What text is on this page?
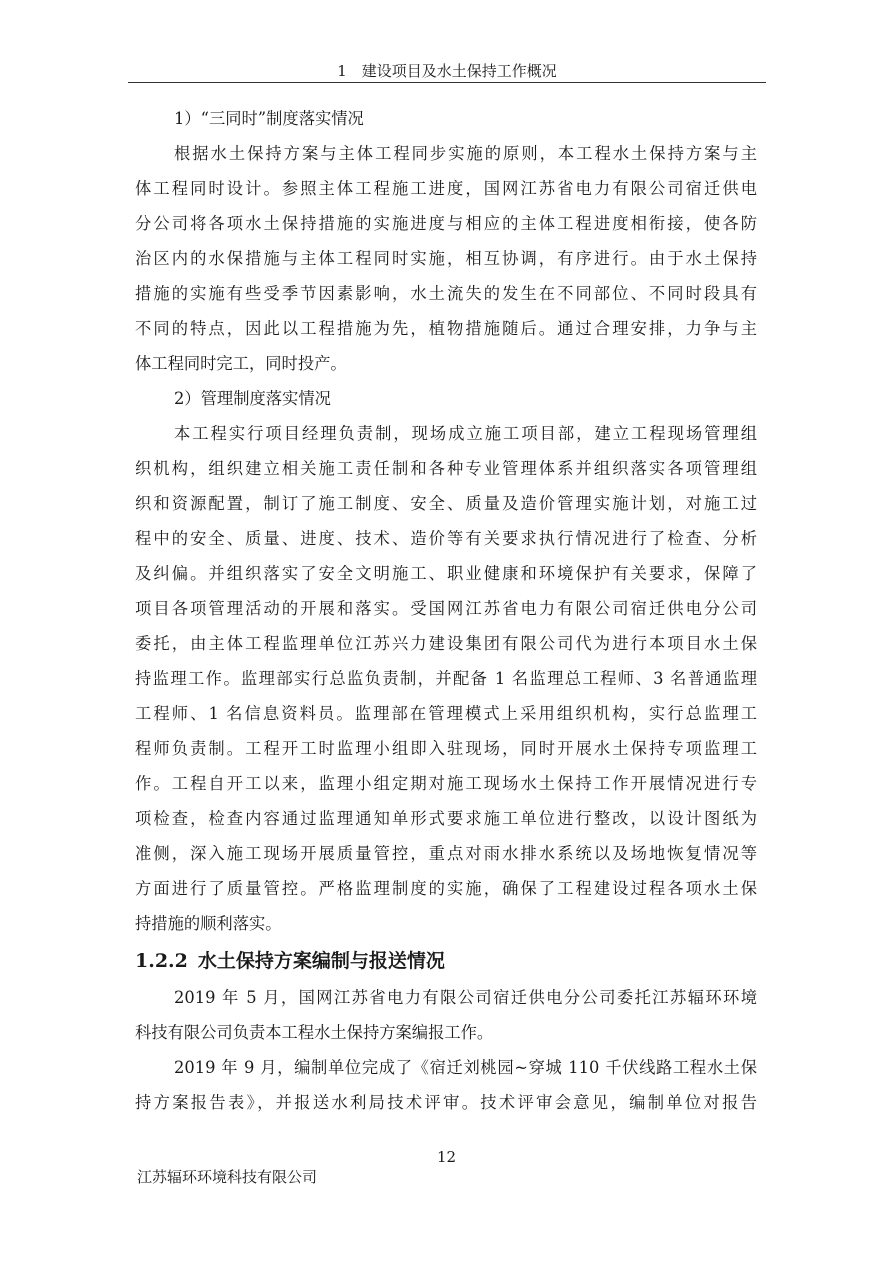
1　建设项目及水土保持工作概况
1）“三同时”制度落实情况
根据水土保持方案与主体工程同步实施的原则，本工程水土保持方案与主
体工程同时设计。参照主体工程施工进度，国网江苏省电力有限公司宿迁供电
分公司将各项水土保持措施的实施进度与相应的主体工程进度相衔接，使各防
治区内的水保措施与主体工程同时实施，相互协调，有序进行。由于水土保持
措施的实施有些受季节因素影响，水土流失的发生在不同部位、不同时段具有
不同的特点，因此以工程措施为先，植物措施随后。通过合理安排，力争与主
体工程同时完工，同时投产。
2）管理制度落实情况
本工程实行项目经理负责制，现场成立施工项目部，建立工程现场管理组
织机构，组织建立相关施工责任制和各种专业管理体系并组织落实各项管理组
织和资源配置，制订了施工制度、安全、质量及造价管理实施计划，对施工过
程中的安全、质量、进度、技术、造价等有关要求执行情况进行了检查、分析
及纠偏。并组织落实了安全文明施工、职业健康和环境保护有关要求，保障了
项目各项管理活动的开展和落实。受国网江苏省电力有限公司宿迁供电分公司
委托，由主体工程监理单位江苏兴力建设集团有限公司代为进行本项目水土保
持监理工作。监理部实行总监负责制，并配备 1 名监理总工程师、3 名普通监理
工程师、1 名信息资料员。监理部在管理模式上采用组织机构，实行总监理工
程师负责制。工程开工时监理小组即入驻现场，同时开展水土保持专项监理工
作。工程自开工以来，监理小组定期对施工现场水土保持工作开展情况进行专
项检查，检查内容通过监理通知单形式要求施工单位进行整改，以设计图纸为
准侧，深入施工现场开展质量管控，重点对雨水排水系统以及场地恢复情况等
方面进行了质量管控。严格监理制度的实施，确保了工程建设过程各项水土保
持措施的顺利落实。
1.2.2 水土保持方案编制与报送情况
2019 年 5 月，国网江苏省电力有限公司宿迁供电分公司委托江苏辐环环境
科技有限公司负责本工程水土保持方案编报工作。
2019 年 9 月，编制单位完成了《宿迁刘桃园~穿城 110 千伏线路工程水土保
持方案报告表》，并报送水利局技术评审。技术评审会意见，编制单位对报告
12
江苏辐环环境科技有限公司
